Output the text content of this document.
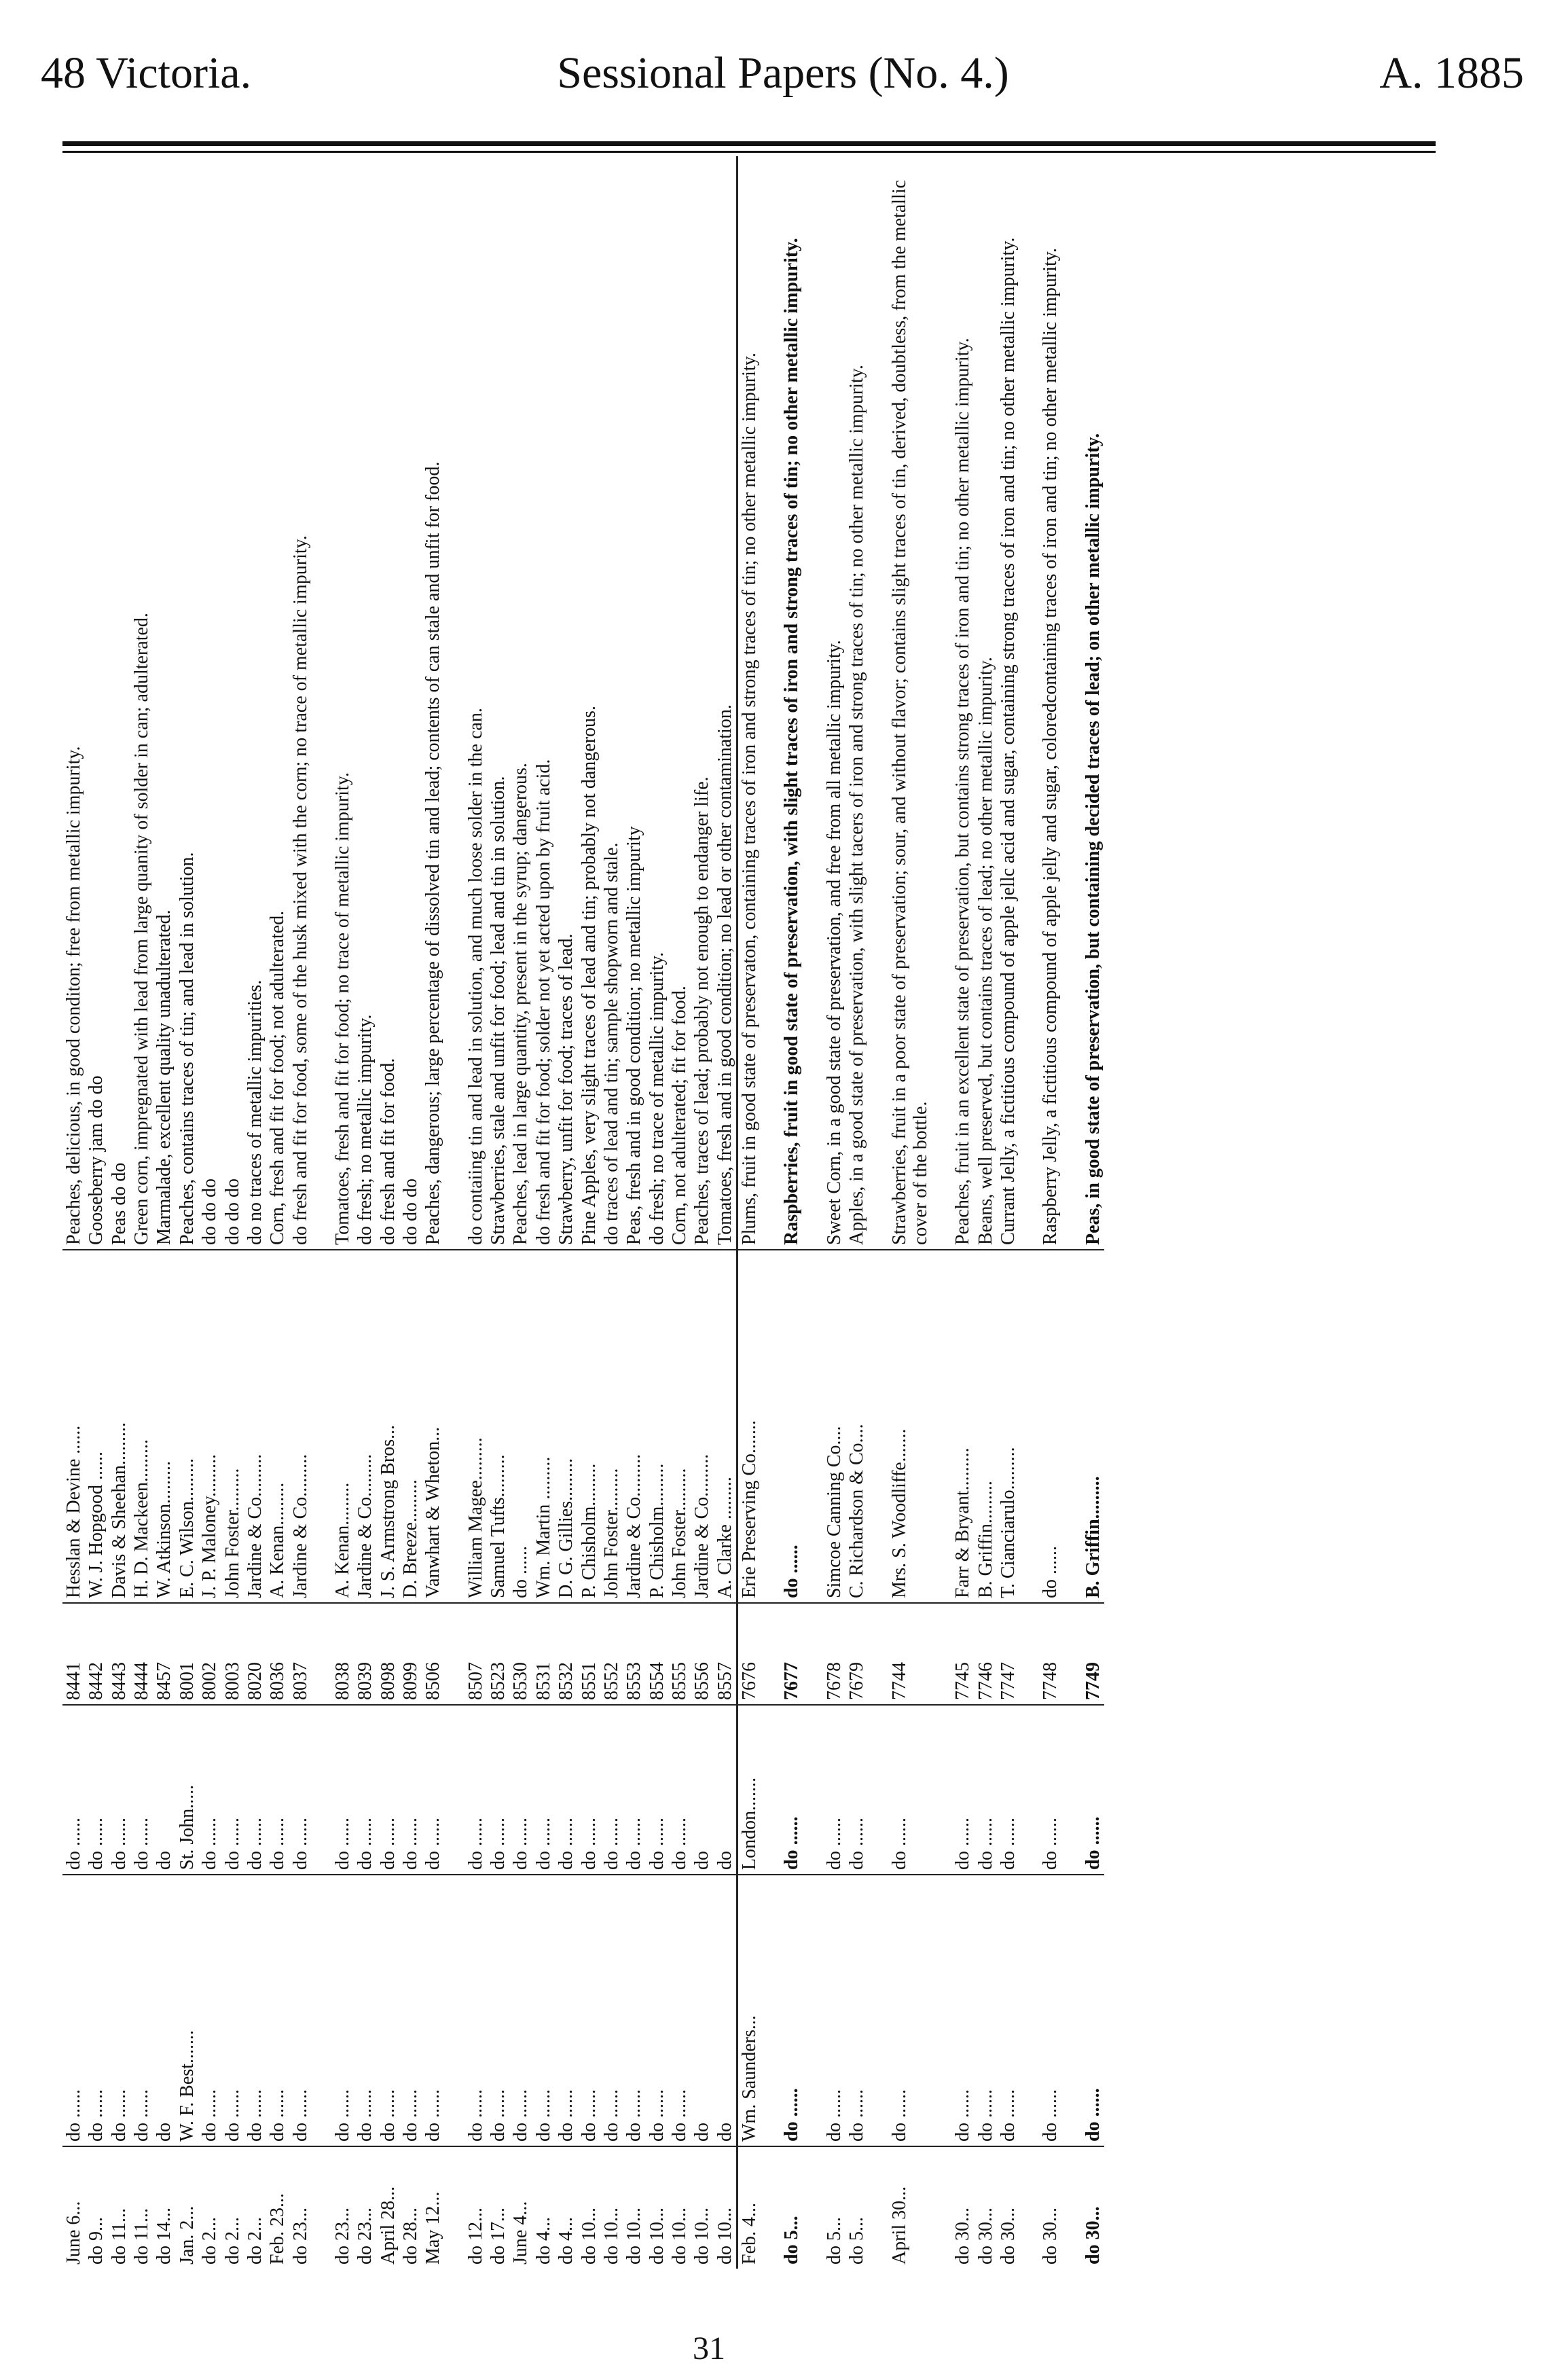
48 Victoria.	Sessional Papers (No. 4.)	A. 1885
June 6...	do ......	do ......	8441	Hesslan & Devine ......	Peaches, delicious, in good conditon; free from metallic impurity.
do 9...	do ......	do ......	8442	W. J. Hopgood ......	Gooseberry jam do do
do 11...	do ......	do ......	8443	Davis & Sheehan.........	Peas do do
do 11...	do ......	do ......	8444	H. D. Mackeen.........	Green corn, impregnated with lead from large quanity of solder in can; adulterated.
do 14...	do	do	8457	W. Atkinson.........	Marmalade, excellent quality unadulterated.
Jan. 2...	W. F. Best.......	St. John.....	8001	E. C. Wilson.........	Peaches, contains traces of tin; and lead in solution.
do 2...	do ......	do ......	8002	J. P. Maloney.........	do do do
do 2...	do ......	do ......	8003	John Foster.........	do do do
do 2...	do ......	do ......	8020	Jardine & Co.........	do no traces of metallic impurities.
Feb. 23...	do ......	do ......	8036	A. Kenan.........	Corn, fresh and fit for food; not adulterated.
do 23...	do ......	do ......	8037	Jardine & Co.........	do fresh and fit for food, some of the husk mixed with the corn; no trace of metallic impurity.
do 23...	do ......	do ......	8038	A. Kenan.........	Tomatoes, fresh and fit for food; no trace of metallic impurity.
do 23...	do ......	do ......	8039	Jardine & Co.........	do fresh; no metallic impurity.
April 28...	do ......	do ......	8098	J. S. Armstrong Bros...	do fresh and fit for food.
do 28...	do ......	do ......	8099	D. Breeze.........	do do do
May 12...	do ......	do ......	8506	Vanwhart & Wheton...	Peaches, dangerous; large percentage of dissolved tin and lead; contents of can stale and unfit for food.
do 12...	do ......	do ......	8507	William Magee.........	do contaiing tin and lead in solution, and much loose solder in the can.
do 17...	do ......	do ......	8523	Samuel Tufts.........	Strawberries, stale and unfit for food; lead and tin in solution.
June 4...	do ......	do ......	8530	do ......	Peaches, lead in large quantity, present in the syrup; dangerous.
do 4...	do ......	do ......	8531	Wm. Martin .........	do fresh and fit for food; solder not yet acted upon by fruit acid.
do 4...	do ......	do ......	8532	D. G. Gillies.........	Strawberry, unfit for food; traces of lead.
do 10...	do ......	do ......	8551	P. Chisholm.........	Pine Apples, very slight traces of lead and tin; probably not dangerous.
do 10...	do ......	do ......	8552	John Foster.........	do traces of lead and tin; sample shopworn and stale.
do 10...	do ......	do ......	8553	Jardine & Co.........	Peas, fresh and in good condition; no metallic impurity
do 10...	do ......	do ......	8554	P. Chisholm.........	do fresh; no trace of metallic impurity.
do 10...	do ......	do ......	8555	John Foster.........	Corn, not adulterated; fit for food.
do 10...	do	do	8556	Jardine & Co.........	Peaches, traces of lead; probably not enough to endanger life.
do 10...	do	do	8557	A. Clarke .........	Tomatoes, fresh and in good condition; no lead or other contamination.
Feb. 4...	Wm. Saunders...	London.......	7676	Erie Preserving Co.......	Plums, fruit in good state of preservaton, containing traces of iron and strong traces of tin; no other metallic impurity.
do 5...	do ......	do ......	7677	do ......	Raspberries, fruit in good state of preservation, with slight traces of iron and strong traces of tin; no other metallic impurity.
do 5...	do ......	do ......	7678	Simcoe Canning Co....	Sweet Corn, in a good state of preservation, and free from all metallic impurity.
do 5...	do ......	do ......	7679	C. Richardson & Co....	Apples, in a good state of preservation, with slight tacers of iron and strong traces of tin; no other metallic impurity.
April 30...	do ......	do ......	7744	Mrs. S. Woodliffe.......	Strawberries, fruit in a poor state of preservation; sour, and without flavor; contains slight traces of tin, derived, doubtless, from the metallic cover of the bottle.
do 30...	do ......	do ......	7745	Farr & Bryant.........	Peaches, fruit in an excellent state of preservation, but contains strong traces of iron and tin; no other metallic impurity.
do 30...	do ......	do ......	7746	B. Griffin.........	Beans, well preserved, but contains traces of lead; no other metallic impurity.
do 30...	do ......	do ......	7747	T. Cianciarulo.........	Currant Jelly, a fictitious compound of apple jellc acid and sugar, containing strong traces of iron and tin; no other metallic impurity.
do 30...	do ......	do ......	7748	do ......	Raspberry Jelly, a fictitious compound of apple jelly and sugar, coloredcontaining traces of iron and tin; no other metallic impurity.
do 30...	do ......	do ......	7749	B. Griffin.........	Peas, in good state of preservation, but containing decided traces of lead; on other metallic impurity.
31
